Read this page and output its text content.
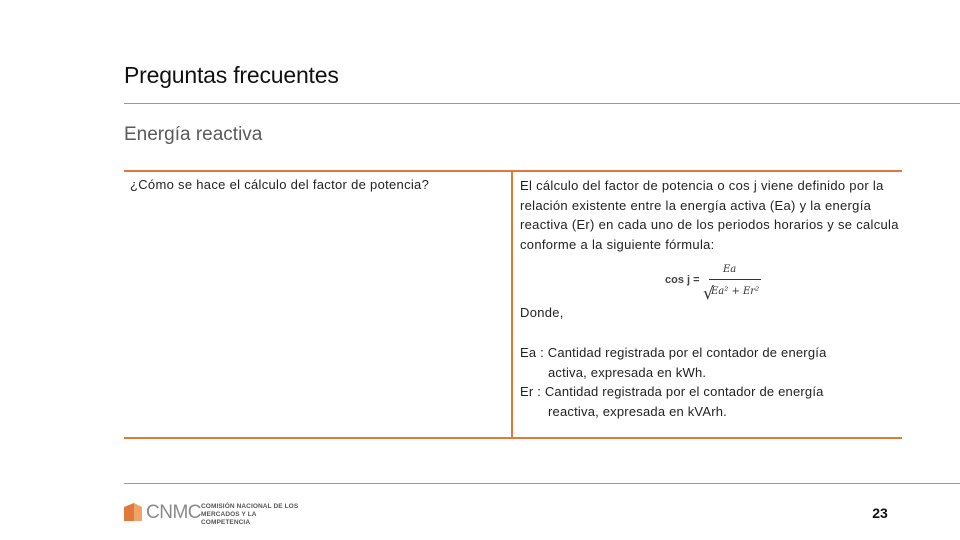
Preguntas frecuentes
Energía reactiva
¿Cómo se hace el cálculo del factor de potencia?	El cálculo del factor de potencia o cos j viene definido por la relación existente entre la energía activa (Ea) y la energía reactiva (Er) en cada uno de los periodos horarios y se calcula conforme a la siguiente fórmula:
cos j =
Ea
√
Ea² + Er²
Donde,
Ea : Cantidad registrada por el contador de energía
activa, expresada en kWh.
Er : Cantidad registrada por el contador de energía
reactiva, expresada en kVArh.
CNMC COMISIÓN NACIONAL DE LOS
MERCADOS Y LA COMPETENCIA
23
